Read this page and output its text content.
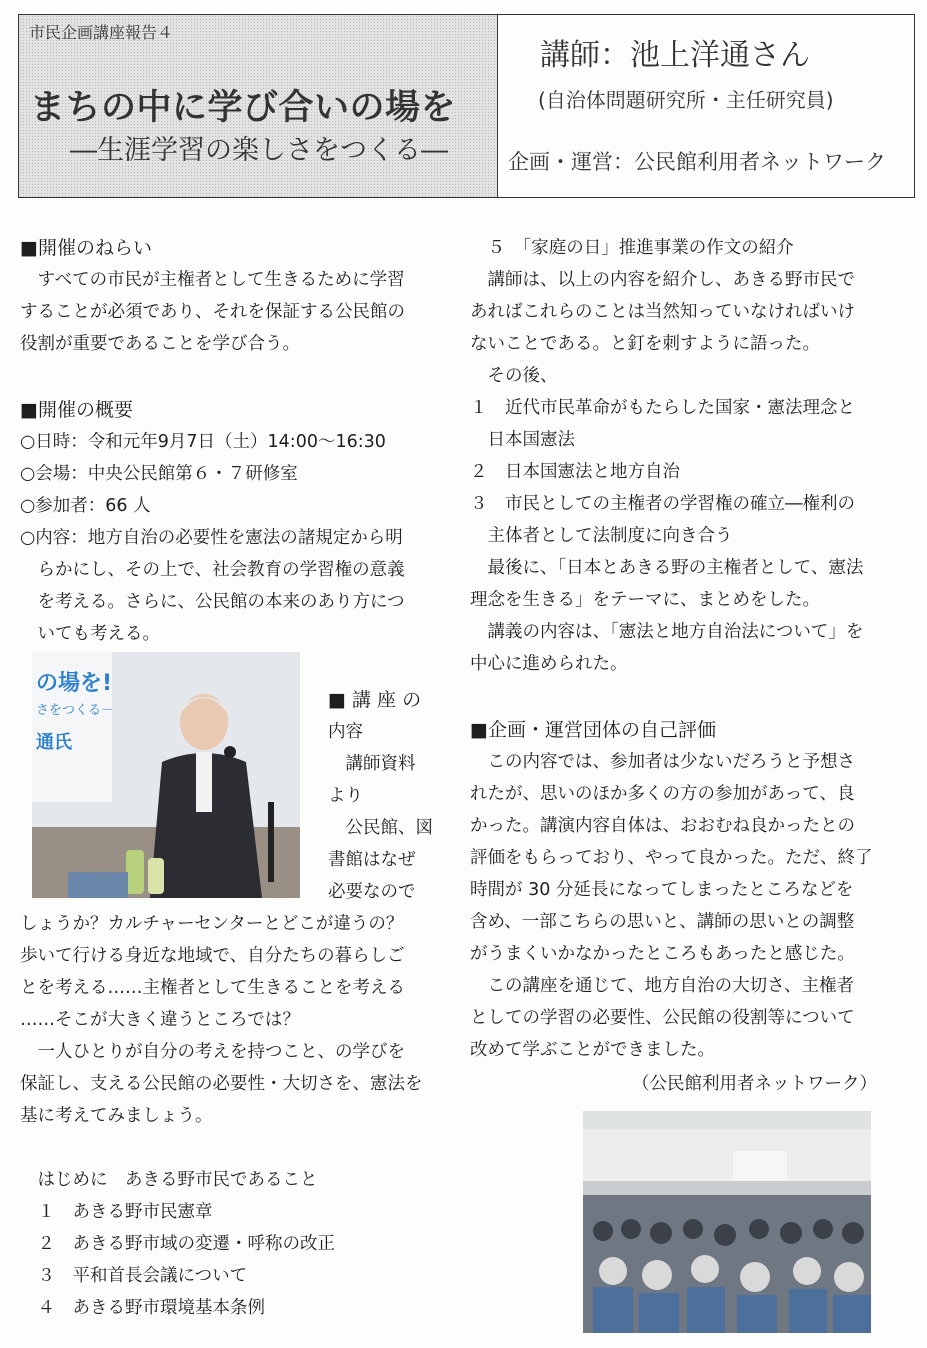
市民企画講座報告４
まちの中に学び合いの場を
―生涯学習の楽しさをつくる―
講師：池上洋通さん
(自治体問題研究所・主任研究員)
企画・運営：公民館利用者ネットワーク
■開催のねらい
　すべての市民が主権者として生きるために学習
することが必須であり、それを保証する公民館の
役割が重要であることを学び合う。
■開催の概要
○日時：令和元年9月7日（土）14:00～16:30
○会場：中央公民館第６・７研修室
○参加者：66 人
○内容：地方自治の必要性を憲法の諸規定から明
　らかにし、その上で、社会教育の学習権の意義
　を考える。さらに、公民館の本来のあり方につ
　いても考える。
の場を!
さをつくる－
通氏
■ 講 座 の
内容
　講師資料
より
　公民館、図
書館はなぜ
必要なので
しょうか？カルチャーセンターとどこが違うの？
歩いて行ける身近な地域で、自分たちの暮らしご
とを考える……主権者として生きることを考える
……そこが大きく違うところでは？
　一人ひとりが自分の考えを持つこと、の学びを
保証し、支える公民館の必要性・大切さを、憲法を
基に考えてみましょう。
　はじめに　あきる野市民であること
　１　あきる野市民憲章
　２　あきる野市域の変遷・呼称の改正
　３　平和首長会議について
　４　あきる野市環境基本条例
　５　「家庭の日」推進事業の作文の紹介
　講師は、以上の内容を紹介し、あきる野市民で
あればこれらのことは当然知っていなければいけ
ないことである。と釘を刺すように語った。
　その後、
１　近代市民革命がもたらした国家・憲法理念と
　日本国憲法
２　日本国憲法と地方自治
３　市民としての主権者の学習権の確立―権利の
　主体者として法制度に向き合う
　最後に、「日本とあきる野の主権者として、憲法
理念を生きる」をテーマに、まとめをした。
　講義の内容は、「憲法と地方自治法について」を
中心に進められた。
■企画・運営団体の自己評価
　この内容では、参加者は少ないだろうと予想さ
れたが、思いのほか多くの方の参加があって、良
かった。講演内容自体は、おおむね良かったとの
評価をもらっており、やって良かった。ただ、終了
時間が 30 分延長になってしまったところなどを
含め、一部こちらの思いと、講師の思いとの調整
がうまくいかなかったところもあったと感じた。
　この講座を通じて、地方自治の大切さ、主権者
としての学習の必要性、公民館の役割等について
改めて学ぶことができました。
（公民館利用者ネットワーク）
